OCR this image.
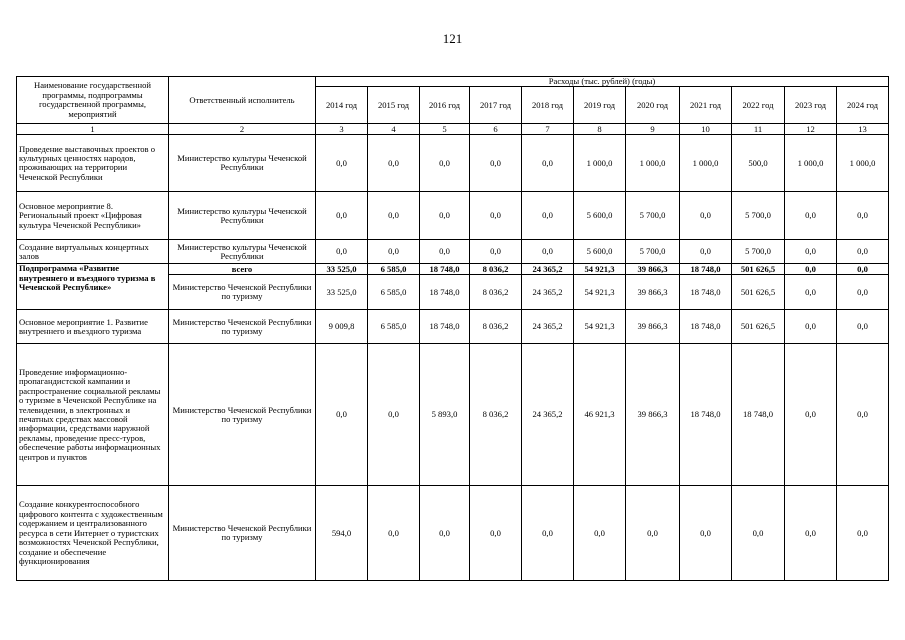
121
Наименование государственной программы, подпрограммы государственной программы, мероприятий	Ответственный исполнитель	Расходы (тыс. рублей) (годы)										
		2014 год	2015 год	2016 год	2017 год	2018 год	2019 год	2020 год	2021 год	2022 год	2023 год	2024 год
1	2	3	4	5	6	7	8	9	10	11	12	13
Проведение выставочных проектов о культурных ценностях народов, проживающих на территории Чеченской Республики	Министерство культуры Чеченской Республики	0,0	0,0	0,0	0,0	0,0	1 000,0	1 000,0	1 000,0	500,0	1 000,0	1 000,0
Основное мероприятие 8. Региональный проект «Цифровая культура Чеченской Республики»	Министерство культуры Чеченской Республики	0,0	0,0	0,0	0,0	0,0	5 600,0	5 700,0	0,0	5 700,0	0,0	0,0
Создание виртуальных концертных залов	Министерство культуры Чеченской Республики	0,0	0,0	0,0	0,0	0,0	5 600,0	5 700,0	0,0	5 700,0	0,0	0,0
Подпрограмма «Развитие внутреннего и въездного туризма в Чеченской Республике»	всего	33 525,0	6 585,0	18 748,0	8 036,2	24 365,2	54 921,3	39 866,3	18 748,0	501 626,5	0,0	0,0
	Министерство Чеченской Республики по туризму	33 525,0	6 585,0	18 748,0	8 036,2	24 365,2	54 921,3	39 866,3	18 748,0	501 626,5	0,0	0,0
Основное мероприятие 1. Развитие внутреннего и въездного туризма	Министерство Чеченской Республики по туризму	9 009,8	6 585,0	18 748,0	8 036,2	24 365,2	54 921,3	39 866,3	18 748,0	501 626,5	0,0	0,0
Проведение информационно-пропагандистской кампании и распространение социальной рекламы о туризме в Чеченской Республике на телевидении, в электронных и печатных средствах массовой информации, средствами наружной рекламы, проведение пресс-туров, обеспечение работы информационных центров и пунктов	Министерство Чеченской Республики по туризму	0,0	0,0	5 893,0	8 036,2	24 365,2	46 921,3	39 866,3	18 748,0	18 748,0	0,0	0,0
Создание конкурентоспособного цифрового контента с художественным содержанием и централизованного ресурса в сети Интернет о туристских возможностях Чеченской Республики, создание и обеспечение функционирования	Министерство Чеченской Республики по туризму	594,0	0,0	0,0	0,0	0,0	0,0	0,0	0,0	0,0	0,0	0,0
